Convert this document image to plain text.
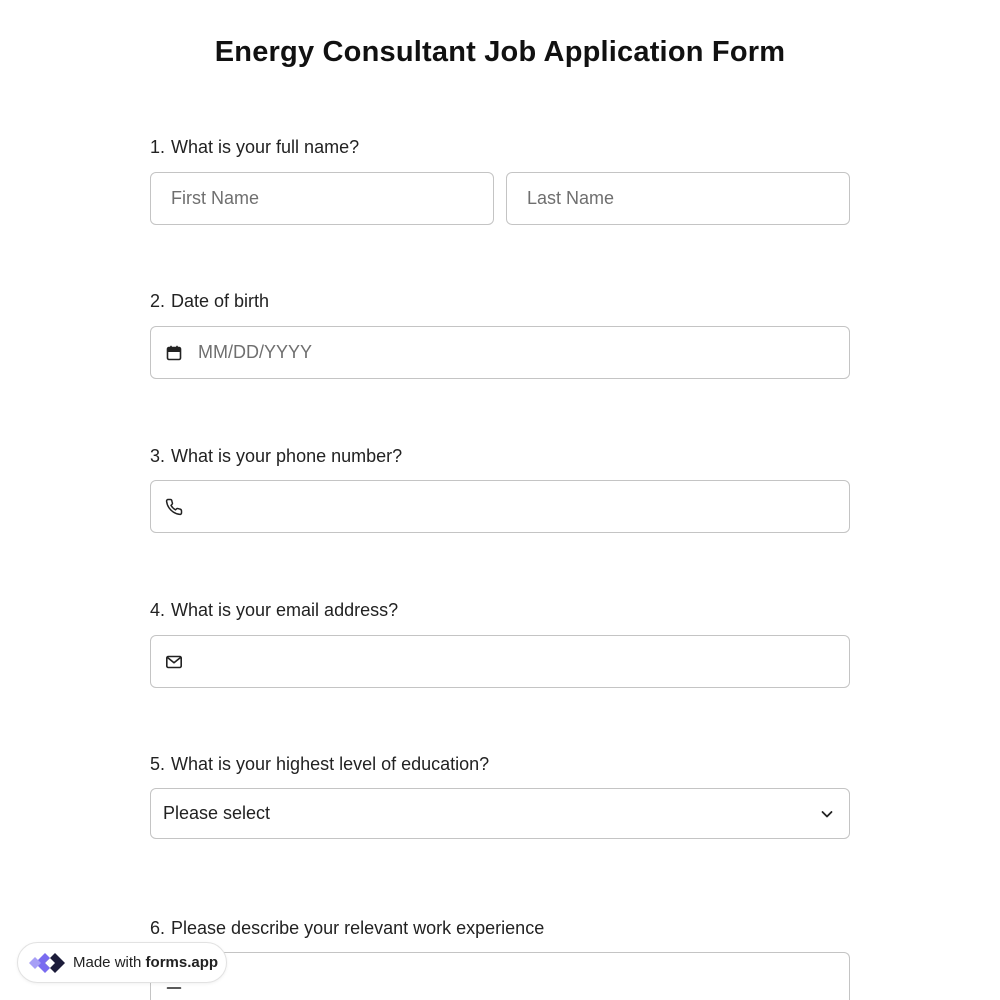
Energy Consultant Job Application Form
1. What is your full name?
First Name
Last Name
2. Date of birth
MM/DD/YYYY
3. What is your phone number?
4. What is your email address?
5. What is your highest level of education?
Please select
6. Please describe your relevant work experience
Made with forms.app
